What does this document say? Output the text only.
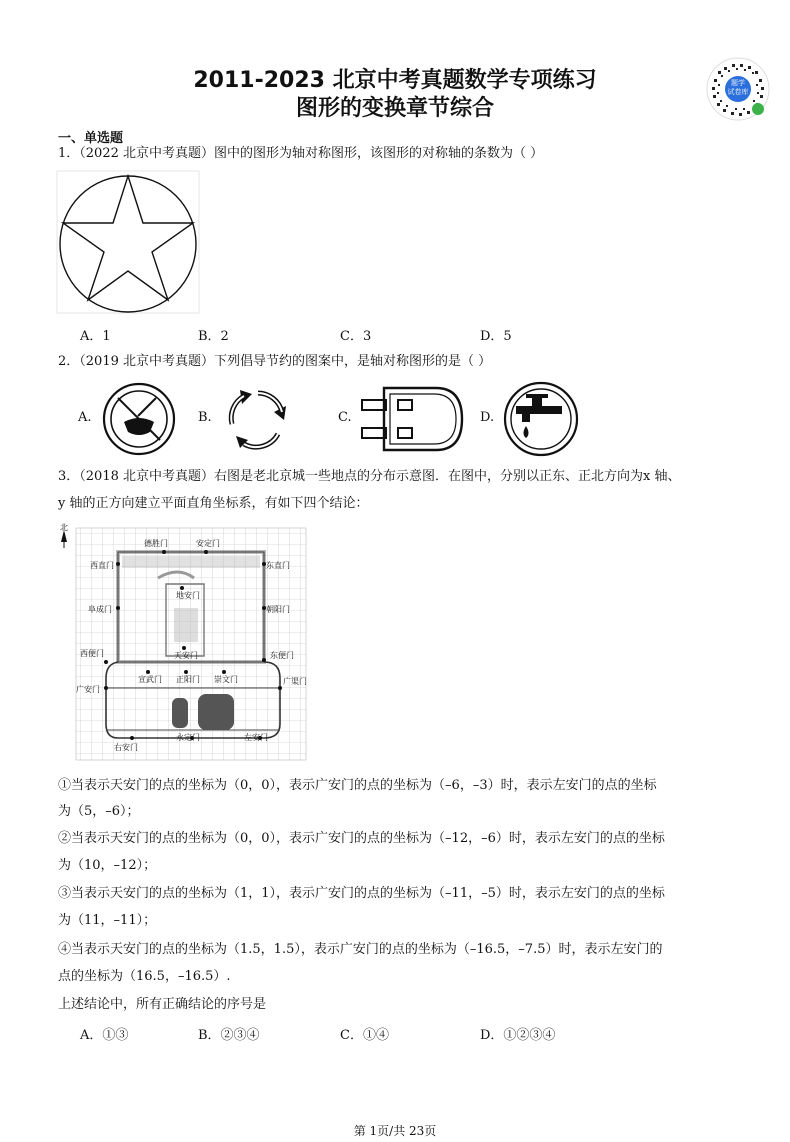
2011-2023 北京中考真题数学专项练习
图形的变换章节综合
题学
试卷库
一、单选题
1．（2022 北京中考真题）图中的图形为轴对称图形，该图形的对称轴的条数为（ ）
A．1	B．2	C．3	D．5
2．（2019 北京中考真题）下列倡导节约的图案中，是轴对称图形的是（ ）
A.	B.	C.	D.
3．（2018 北京中考真题）右图是老北京城一些地点的分布示意图．在图中，分别以正东、正北方向为x 轴、
y 轴的正方向建立平面直角坐标系，有如下四个结论：
北
德胜门	安定门
西直门	东直门
地安门
阜成门	朝阳门
天安门
西便门	东便门
宣武门 正阳门 崇文门
广安门
广渠门
右安门
永定门	左安门
①当表示天安门的点的坐标为（0，0），表示广安门的点的坐标为（–6，–3）时，表示左安门的点的坐标
为（5，–6）；
②当表示天安门的点的坐标为（0，0），表示广安门的点的坐标为（–12，–6）时，表示左安门的点的坐标
为（10，–12）；
③当表示天安门的点的坐标为（1，1），表示广安门的点的坐标为（–11，–5）时，表示左安门的点的坐标
为（11，–11）；
④当表示天安门的点的坐标为（1.5，1.5），表示广安门的点的坐标为（–16.5，–7.5）时，表示左安门的
点的坐标为（16.5，–16.5）.
上述结论中，所有正确结论的序号是
A．①③	B．②③④	C．①④	D．①②③④
第 1页/共 23页
